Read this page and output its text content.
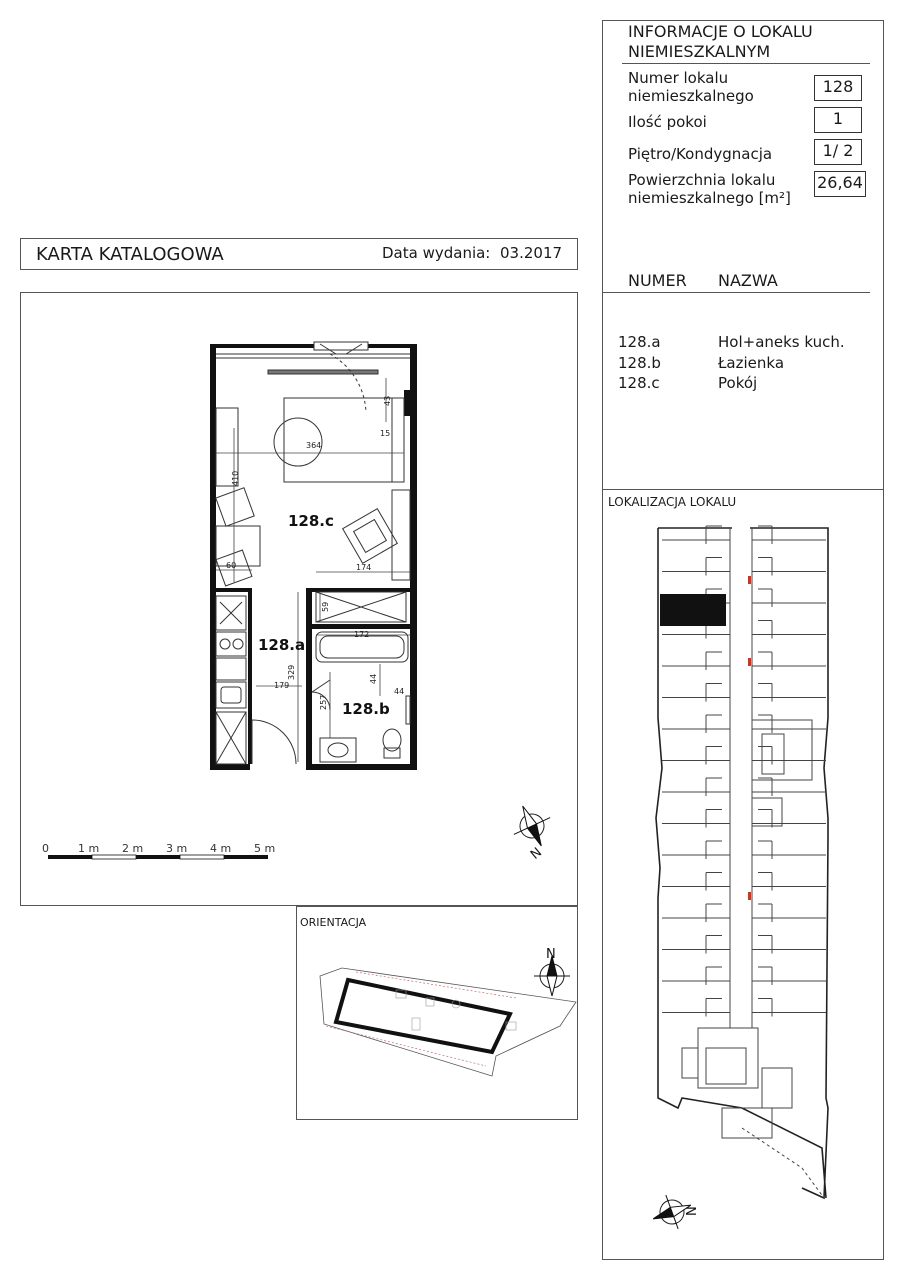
INFORMACJE O LOKALU
NIEMIESZKALNYM
Numer lokalu
niemieszkalnego	128
Ilość pokoi	1
Piętro/Kondygnacja	1/ 2
Powierzchnia lokalu
niemieszkalnego [m²]
26,64
NUMER NAZWA
128.a	Hol+aneks kuch.
128.b	Łazienka
128.c	Pokój
LOKALIZACJA LOKALU
KARTA KATALOGOWA	Data wydania: 03.2017
128.c
128.a
128.b
364
43
15
410
60	174
59
172
44
44
179
329
257
0	1 m 2 m 3 m 4 m 5 m	N
ORIENTACJA
N
N
